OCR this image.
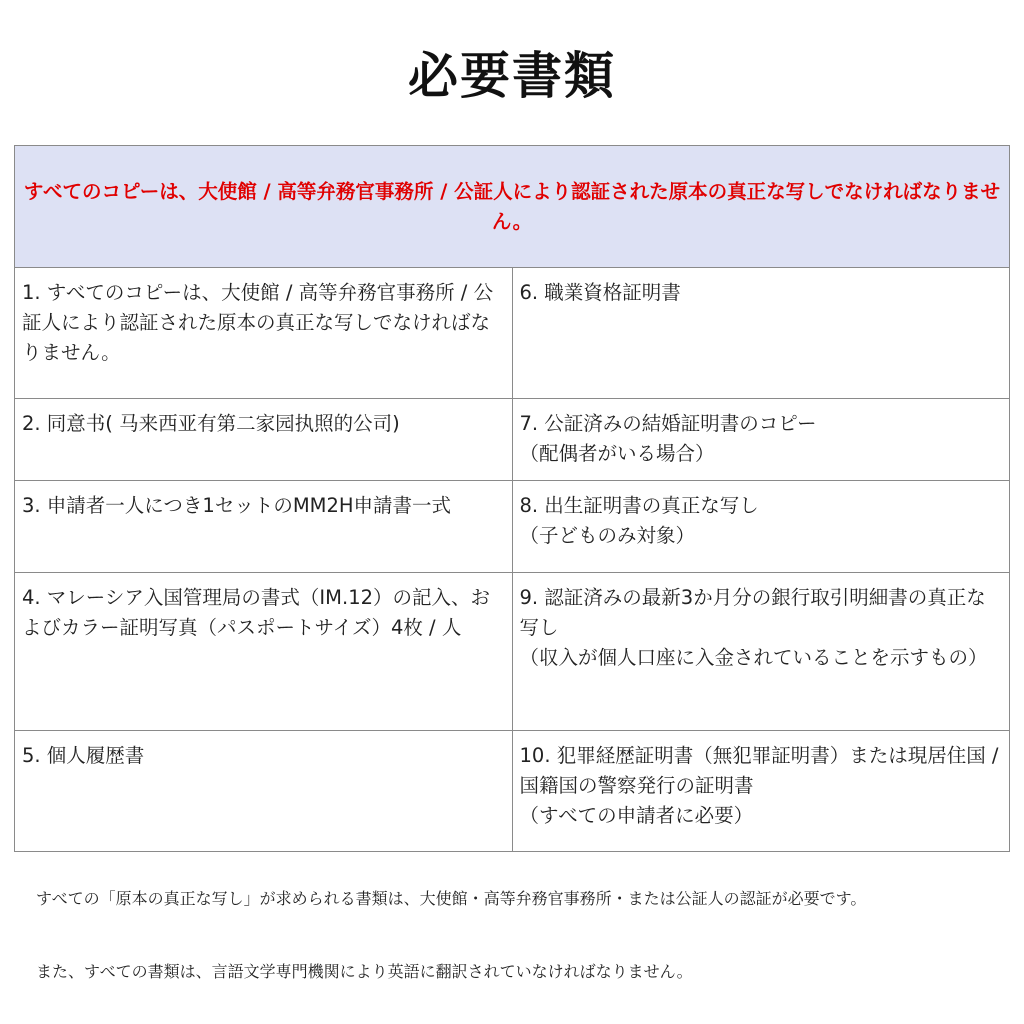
必要書類
すべてのコピーは、大使館 / 高等弁務官事務所 / 公証人により認証された原本の真正な写しでなければなりません。	

1. すべてのコピーは、大使館 / 高等弁務官事務所 / 公証人により認証された原本の真正な写しでなければなりません。	6. 職業資格証明書

2. 同意书( 马来西亚有第二家园执照的公司)	7. 公証済みの結婚証明書のコピー
（配偶者がいる場合）

3. 申請者一人につき1セットのMM2H申請書一式	8. 出生証明書の真正な写し
（子どものみ対象）

4. マレーシア入国管理局の書式（IM.12）の記入、およびカラー証明写真（パスポートサイズ）4枚 / 人	9. 認証済みの最新3か月分の銀行取引明細書の真正な写し
（収入が個人口座に入金されていることを示すもの）

5. 個人履歴書	10. 犯罪経歴証明書（無犯罪証明書）または現居住国 / 国籍国の警察発行の証明書
（すべての申請者に必要）
すべての「原本の真正な写し」が求められる書類は、大使館・高等弁務官事務所・または公証人の認証が必要です。
また、すべての書類は、言語文学専門機関により英語に翻訳されていなければなりません。
